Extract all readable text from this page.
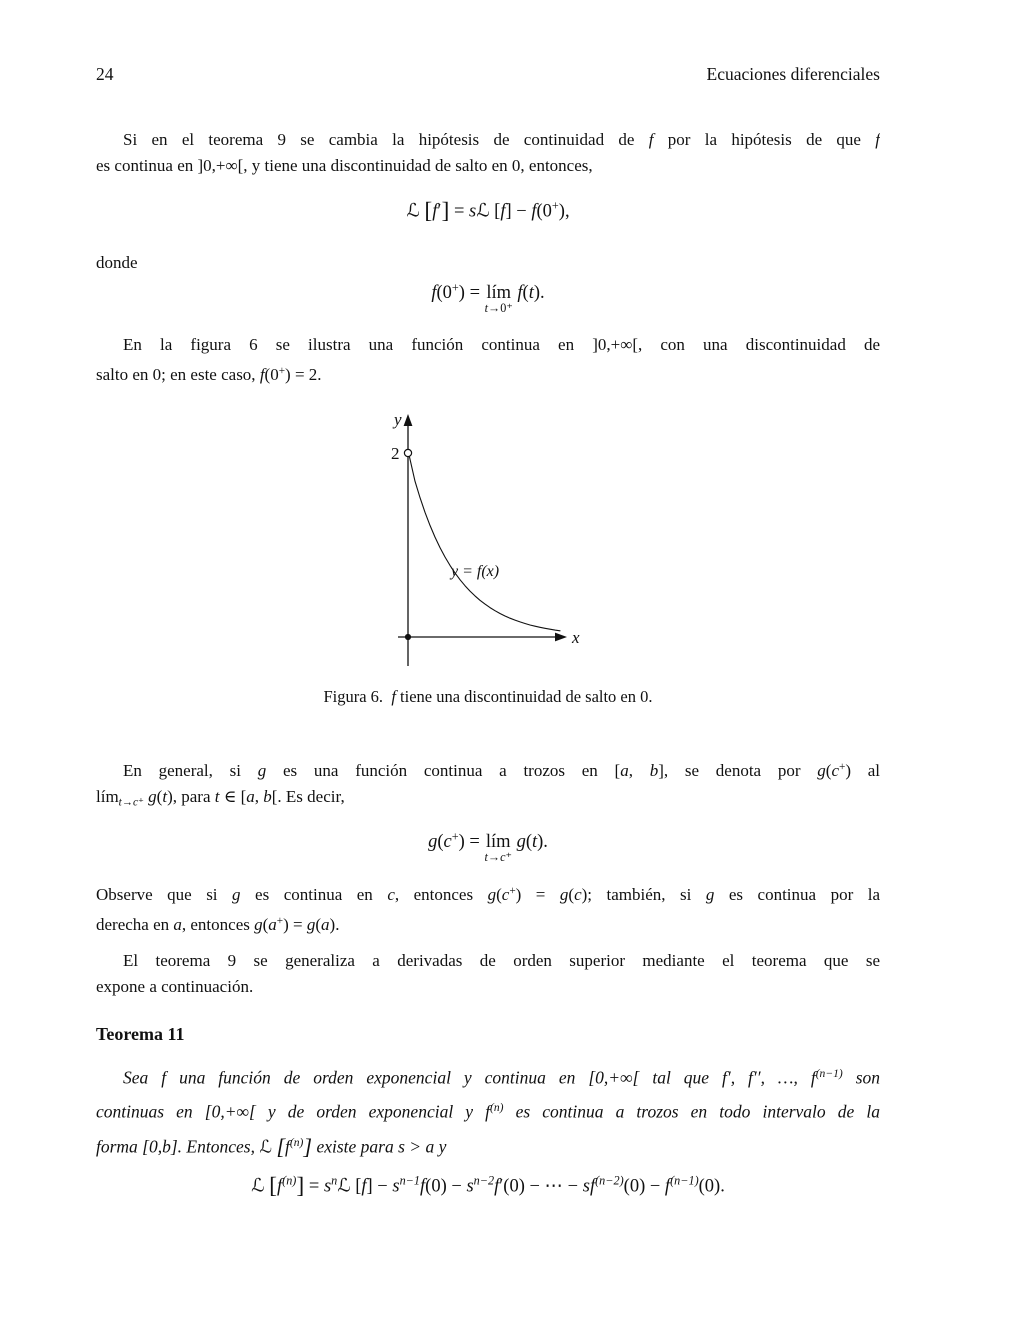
24	Ecuaciones diferenciales
Si en el teorema 9 se cambia la hipótesis de continuidad de f por la hipótesis de que f
es continua en ]0,+∞[, y tiene una discontinuidad de salto en 0, entonces,
ℒ [f′] = sℒ [f] − f(0+),
donde
f(0+) = lím
t→0⁺
f(t).
En la figura 6 se ilustra una función continua en ]0,+∞[, con una discontinuidad de
salto en 0; en este caso, f(0+) = 2.
y
2
y = f(x)
x
Figura 6.  f tiene una discontinuidad de salto en 0.
En general, si g es una función continua a trozos en [a, b], se denota por g(c+) al
límt→c⁺ g(t), para t ∈ [a, b[. Es decir,
g(c+) = lím
t→c⁺
g(t).
Observe que si g es continua en c, entonces g(c+) = g(c); también, si g es continua por la
derecha en a, entonces g(a+) = g(a).
El teorema 9 se generaliza a derivadas de orden superior mediante el teorema que se
expone a continuación.
Teorema 11
Sea f una función de orden exponencial y continua en [0,+∞[ tal que f′, f′′, …, $f^{(n-1)}$ son
continuas en [0,+∞[ y de orden exponencial y $f^{(n)}$ es continua a trozos en todo intervalo de la
forma [0,b]. Entonces, ℒ $[f^{(n)}]$ existe para s > a y
ℒ $[f^{(n)}]$ = $s^nℒ$ $[f] - s^{n-1}f(0) - s^{n-2}f'(0)$ − ⋯ − $sf^{(n-2)}(0) - f^{(n-1)}(0)$.
